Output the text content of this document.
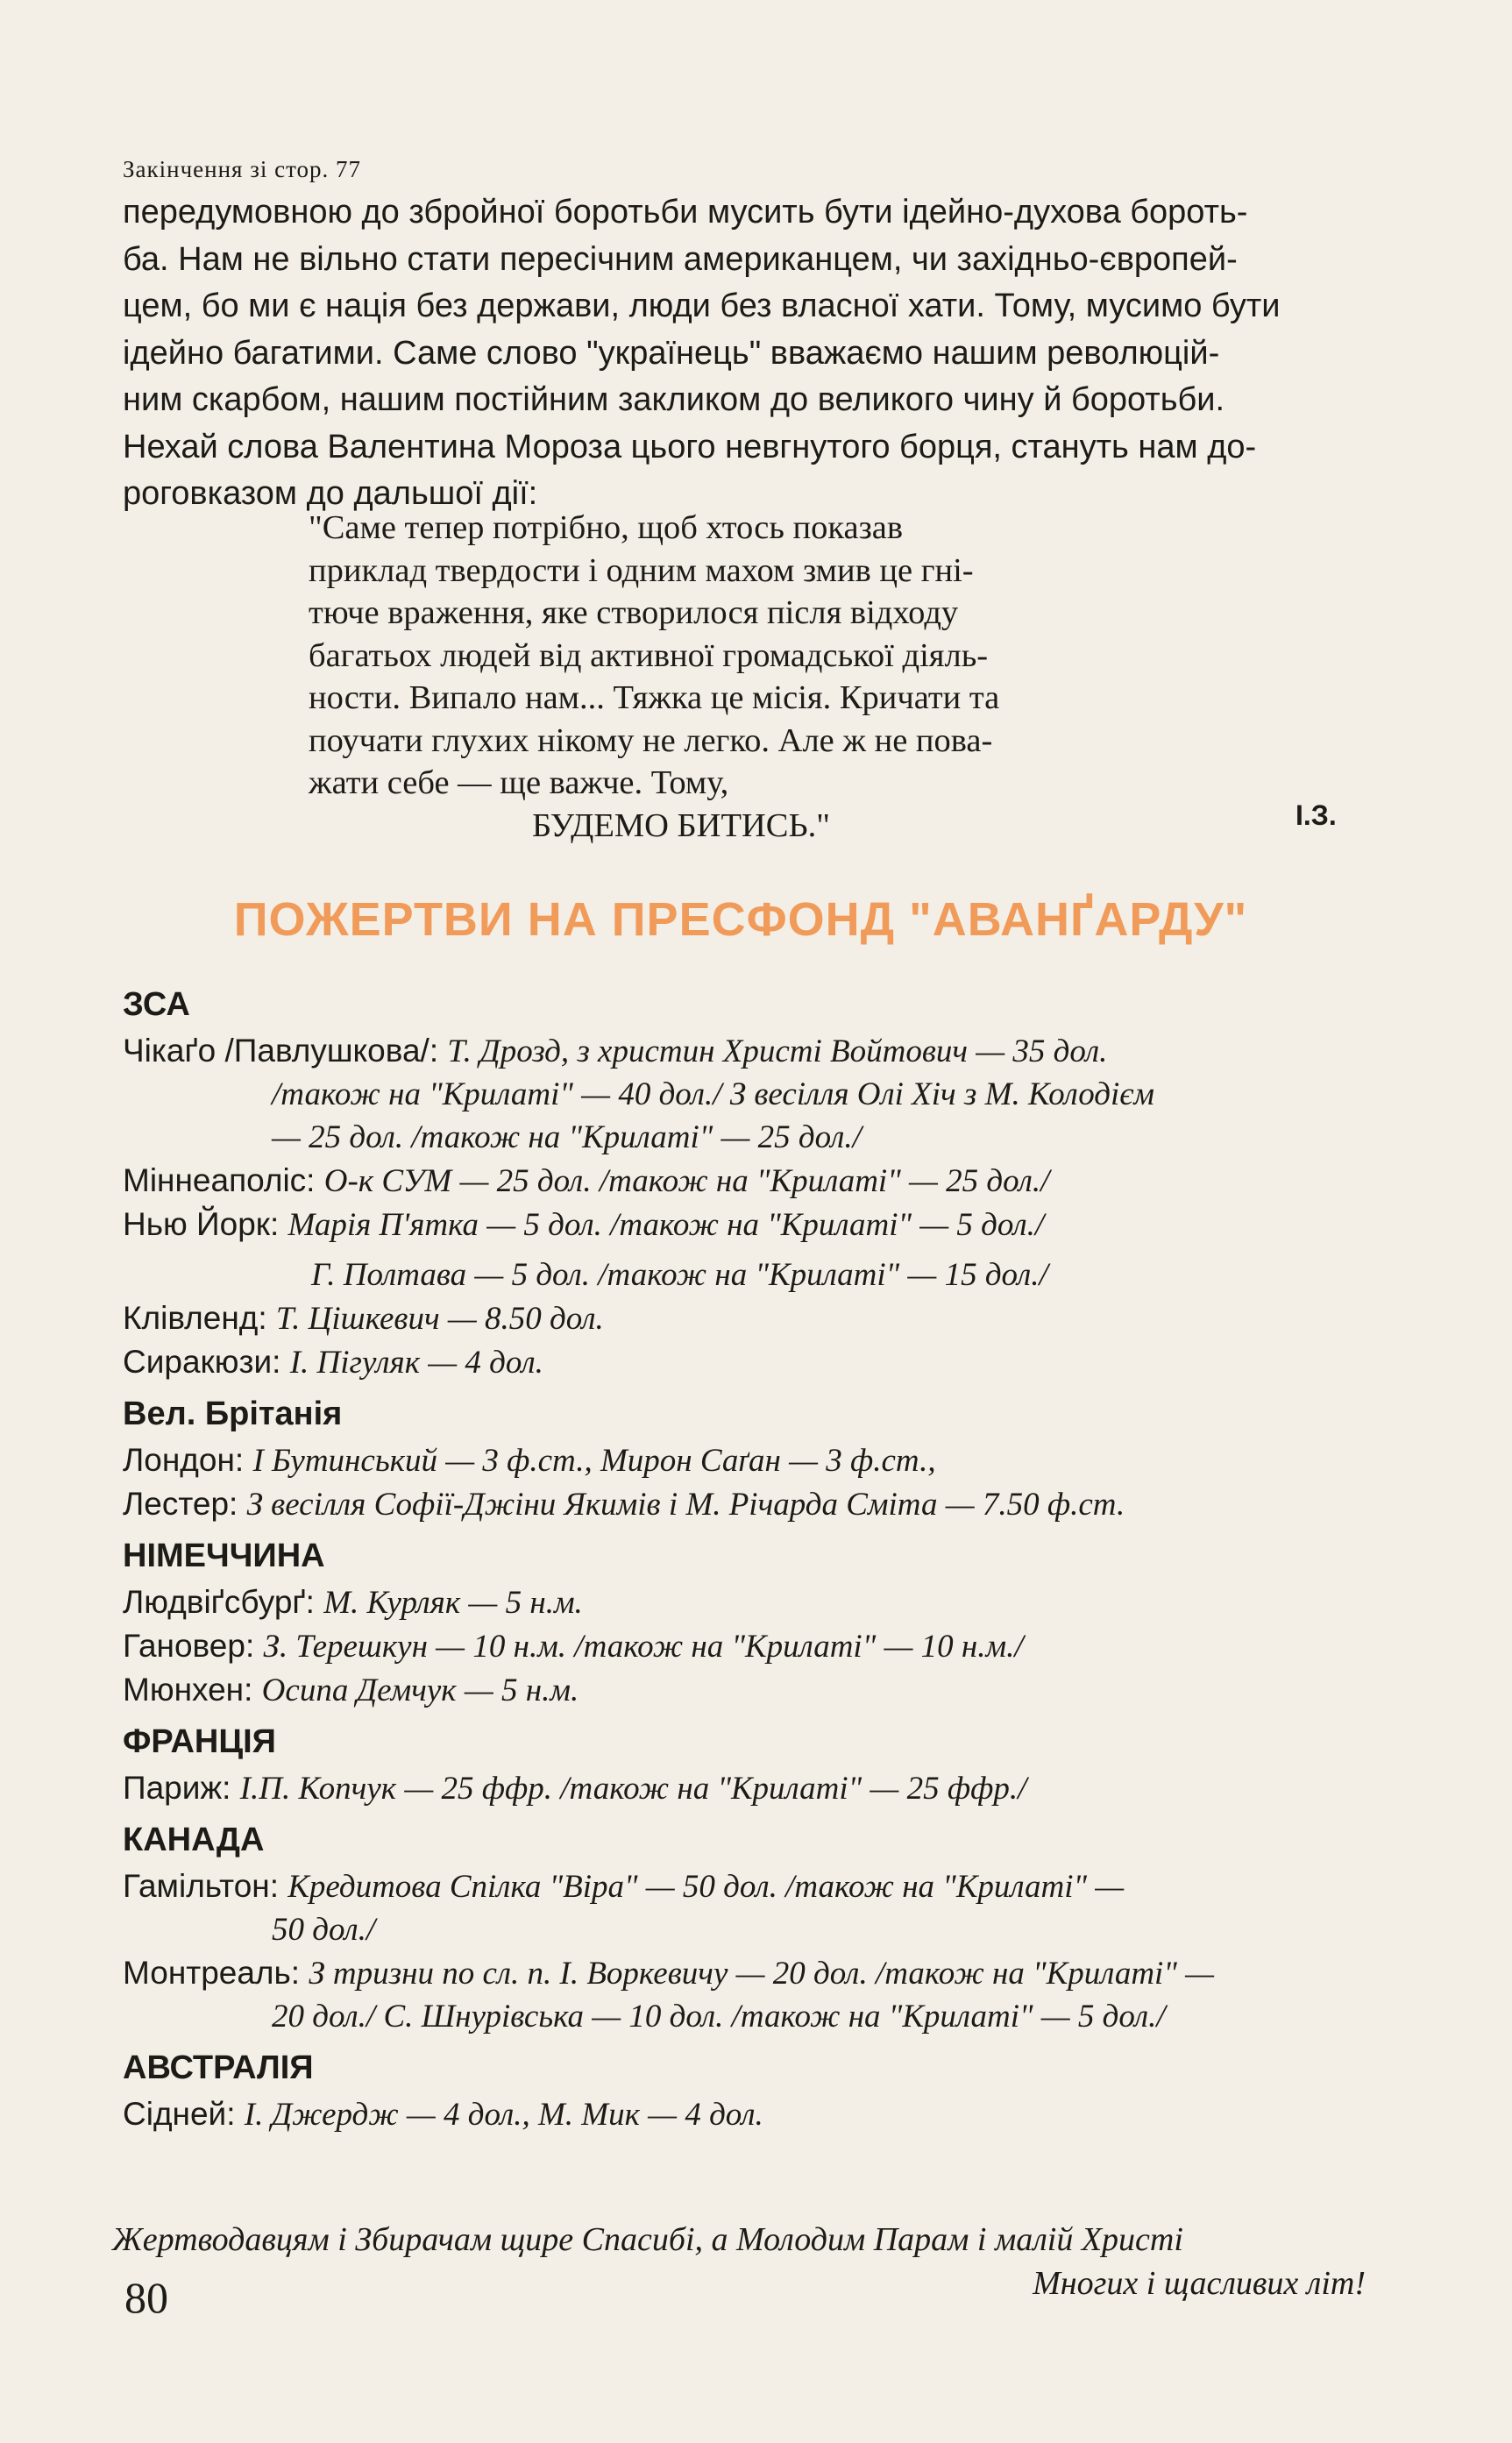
Закінчення зі стор. 77
передумовною до збройної боротьби мусить бути ідейно-духова бороть-
ба. Нам не вільно стати пересічним американцем, чи західньо-європей-
цем, бо ми є нація без держави, люди без власної хати. Тому, мусимо бути
ідейно багатими. Саме слово "українець" вважаємо нашим революцій-
ним скарбом, нашим постійним закликом до великого чину й боротьби.
Нехай слова Валентина Мороза цього невгнутого борця, стануть нам до-
роговказом до дальшої дії:
"Саме тепер потрібно, щоб хтось показав
приклад твердости і одним махом змив це гні-
тюче враження, яке створилося після відходу
багатьох людей від активної громадської діяль-
ности. Випало нам... Тяжка це місія. Кричати та
поучати глухих нікому не легко. Але ж не пова-
жати себе — ще важче. Тому,
БУДЕМО БИТИСЬ."	І.З.
ПОЖЕРТВИ НА ПРЕСФОНД "АВАНҐАРДУ"
ЗСА
Чікаґо /Павлушкова/: Т. Дрозд, з христин Христі Войтович — 35 дол.
/також на "Крилаті" — 40 дол./ З весілля Олі Хіч з М. Колодієм
— 25 дол. /також на "Крилаті" — 25 дол./
Міннеаполіс: О-к СУМ — 25 дол. /також на "Крилаті" — 25 дол./
Нью Йорк: Марія П'ятка — 5 дол. /також на "Крилаті" — 5 дол./
Г. Полтава — 5 дол. /також на "Крилаті" — 15 дол./
Клівленд: Т. Цішкевич — 8.50 дол.
Сиракюзи: І. Пігуляк — 4 дол.
Вел. Брітанія
Лондон: І Бутинський — 3 ф.ст., Мирон Саґан — 3 ф.ст.,
Лестер: З весілля Софії-Джіни Якимів і М. Річарда Сміта — 7.50 ф.ст.
НІМЕЧЧИНА
Людвіґсбурґ: М. Курляк — 5 н.м.
Гановер: З. Терешкун — 10 н.м. /також на "Крилаті" — 10 н.м./
Мюнхен: Осипа Демчук — 5 н.м.
ФРАНЦІЯ
Париж: І.П. Копчук — 25 ффр. /також на "Крилаті" — 25 ффр./
КАНАДА
Гамільтон: Кредитова Спілка "Віра" — 50 дол. /також на "Крилаті" —
50 дол./
Монтреаль: З тризни по сл. п. І. Воркевичу — 20 дол. /також на "Крилаті" —
20 дол./ С. Шнурівська — 10 дол. /також на "Крилаті" — 5 дол./
АВСТРАЛІЯ
Сідней: І. Джердж — 4 дол., М. Мик — 4 дол.
Жертводавцям і Збирачам щире Спасибі, а Молодим Парам і малій Христі
Многих і щасливих літ!
80
